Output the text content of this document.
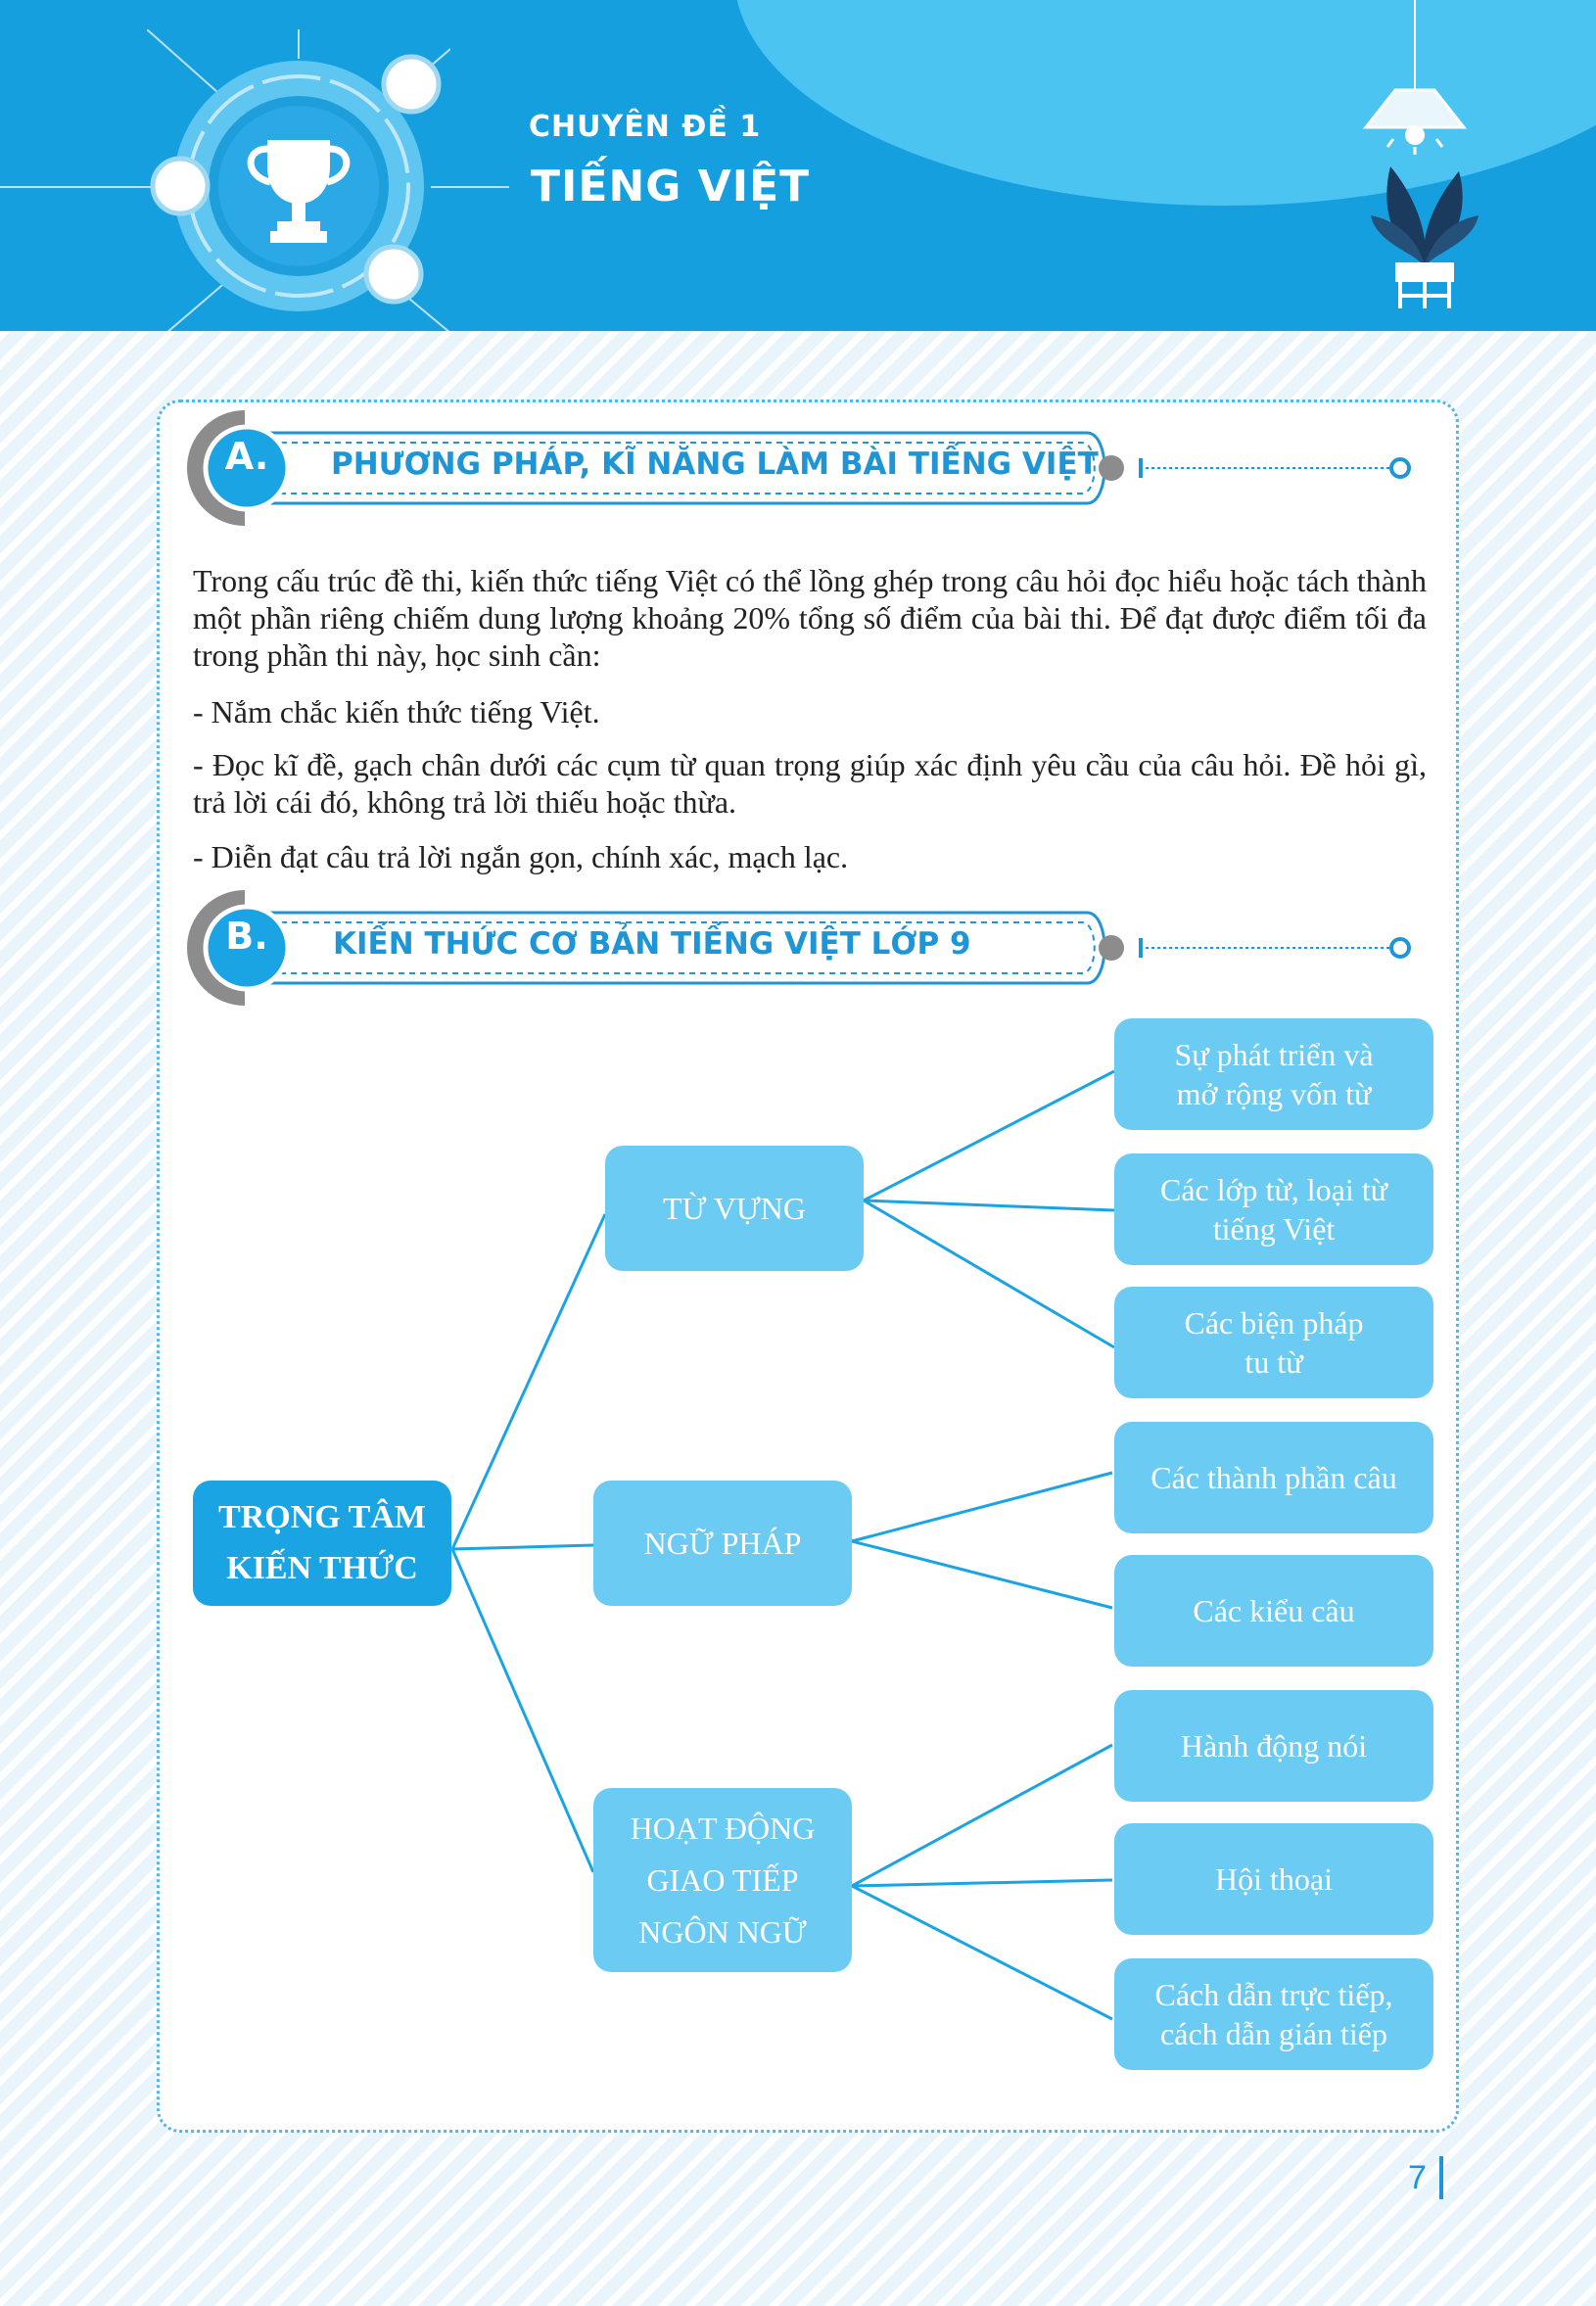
CHUYÊN ĐỀ 1
TIẾNG VIỆT
A.	PHƯƠNG PHÁP, KĨ NĂNG LÀM BÀI TIẾNG VIỆT

Trong cấu trúc đề thi, kiến thức tiếng Việt có thể lồng ghép trong câu hỏi đọc hiểu hoặc tách thành một phần riêng chiếm dung lượng khoảng 20% tổng số điểm của bài thi. Để đạt được điểm tối đa trong phần thi này, học sinh cần:

- Nắm chắc kiến thức tiếng Việt.

- Đọc kĩ đề, gạch chân dưới các cụm từ quan trọng giúp xác định yêu cầu của câu hỏi. Đề hỏi gì, trả lời cái đó, không trả lời thiếu hoặc thừa.

- Diễn đạt câu trả lời ngắn gọn, chính xác, mạch lạc.

B.	KIẾN THỨC CƠ BẢN TIẾNG VIỆT LỚP 9
TRỌNG TÂM
KIẾN THỨC
TỪ VỰNG
NGỮ PHÁP
HOẠT ĐỘNG
GIAO TIẾP
NGÔN NGỮ
Sự phát triển và
mở rộng vốn từ
Các lớp từ, loại từ
tiếng Việt
Các biện pháp
tu từ
Các thành phần câu
Các kiểu câu
Hành động nói
Hội thoại
Cách dẫn trực tiếp,
cách dẫn gián tiếp
7
